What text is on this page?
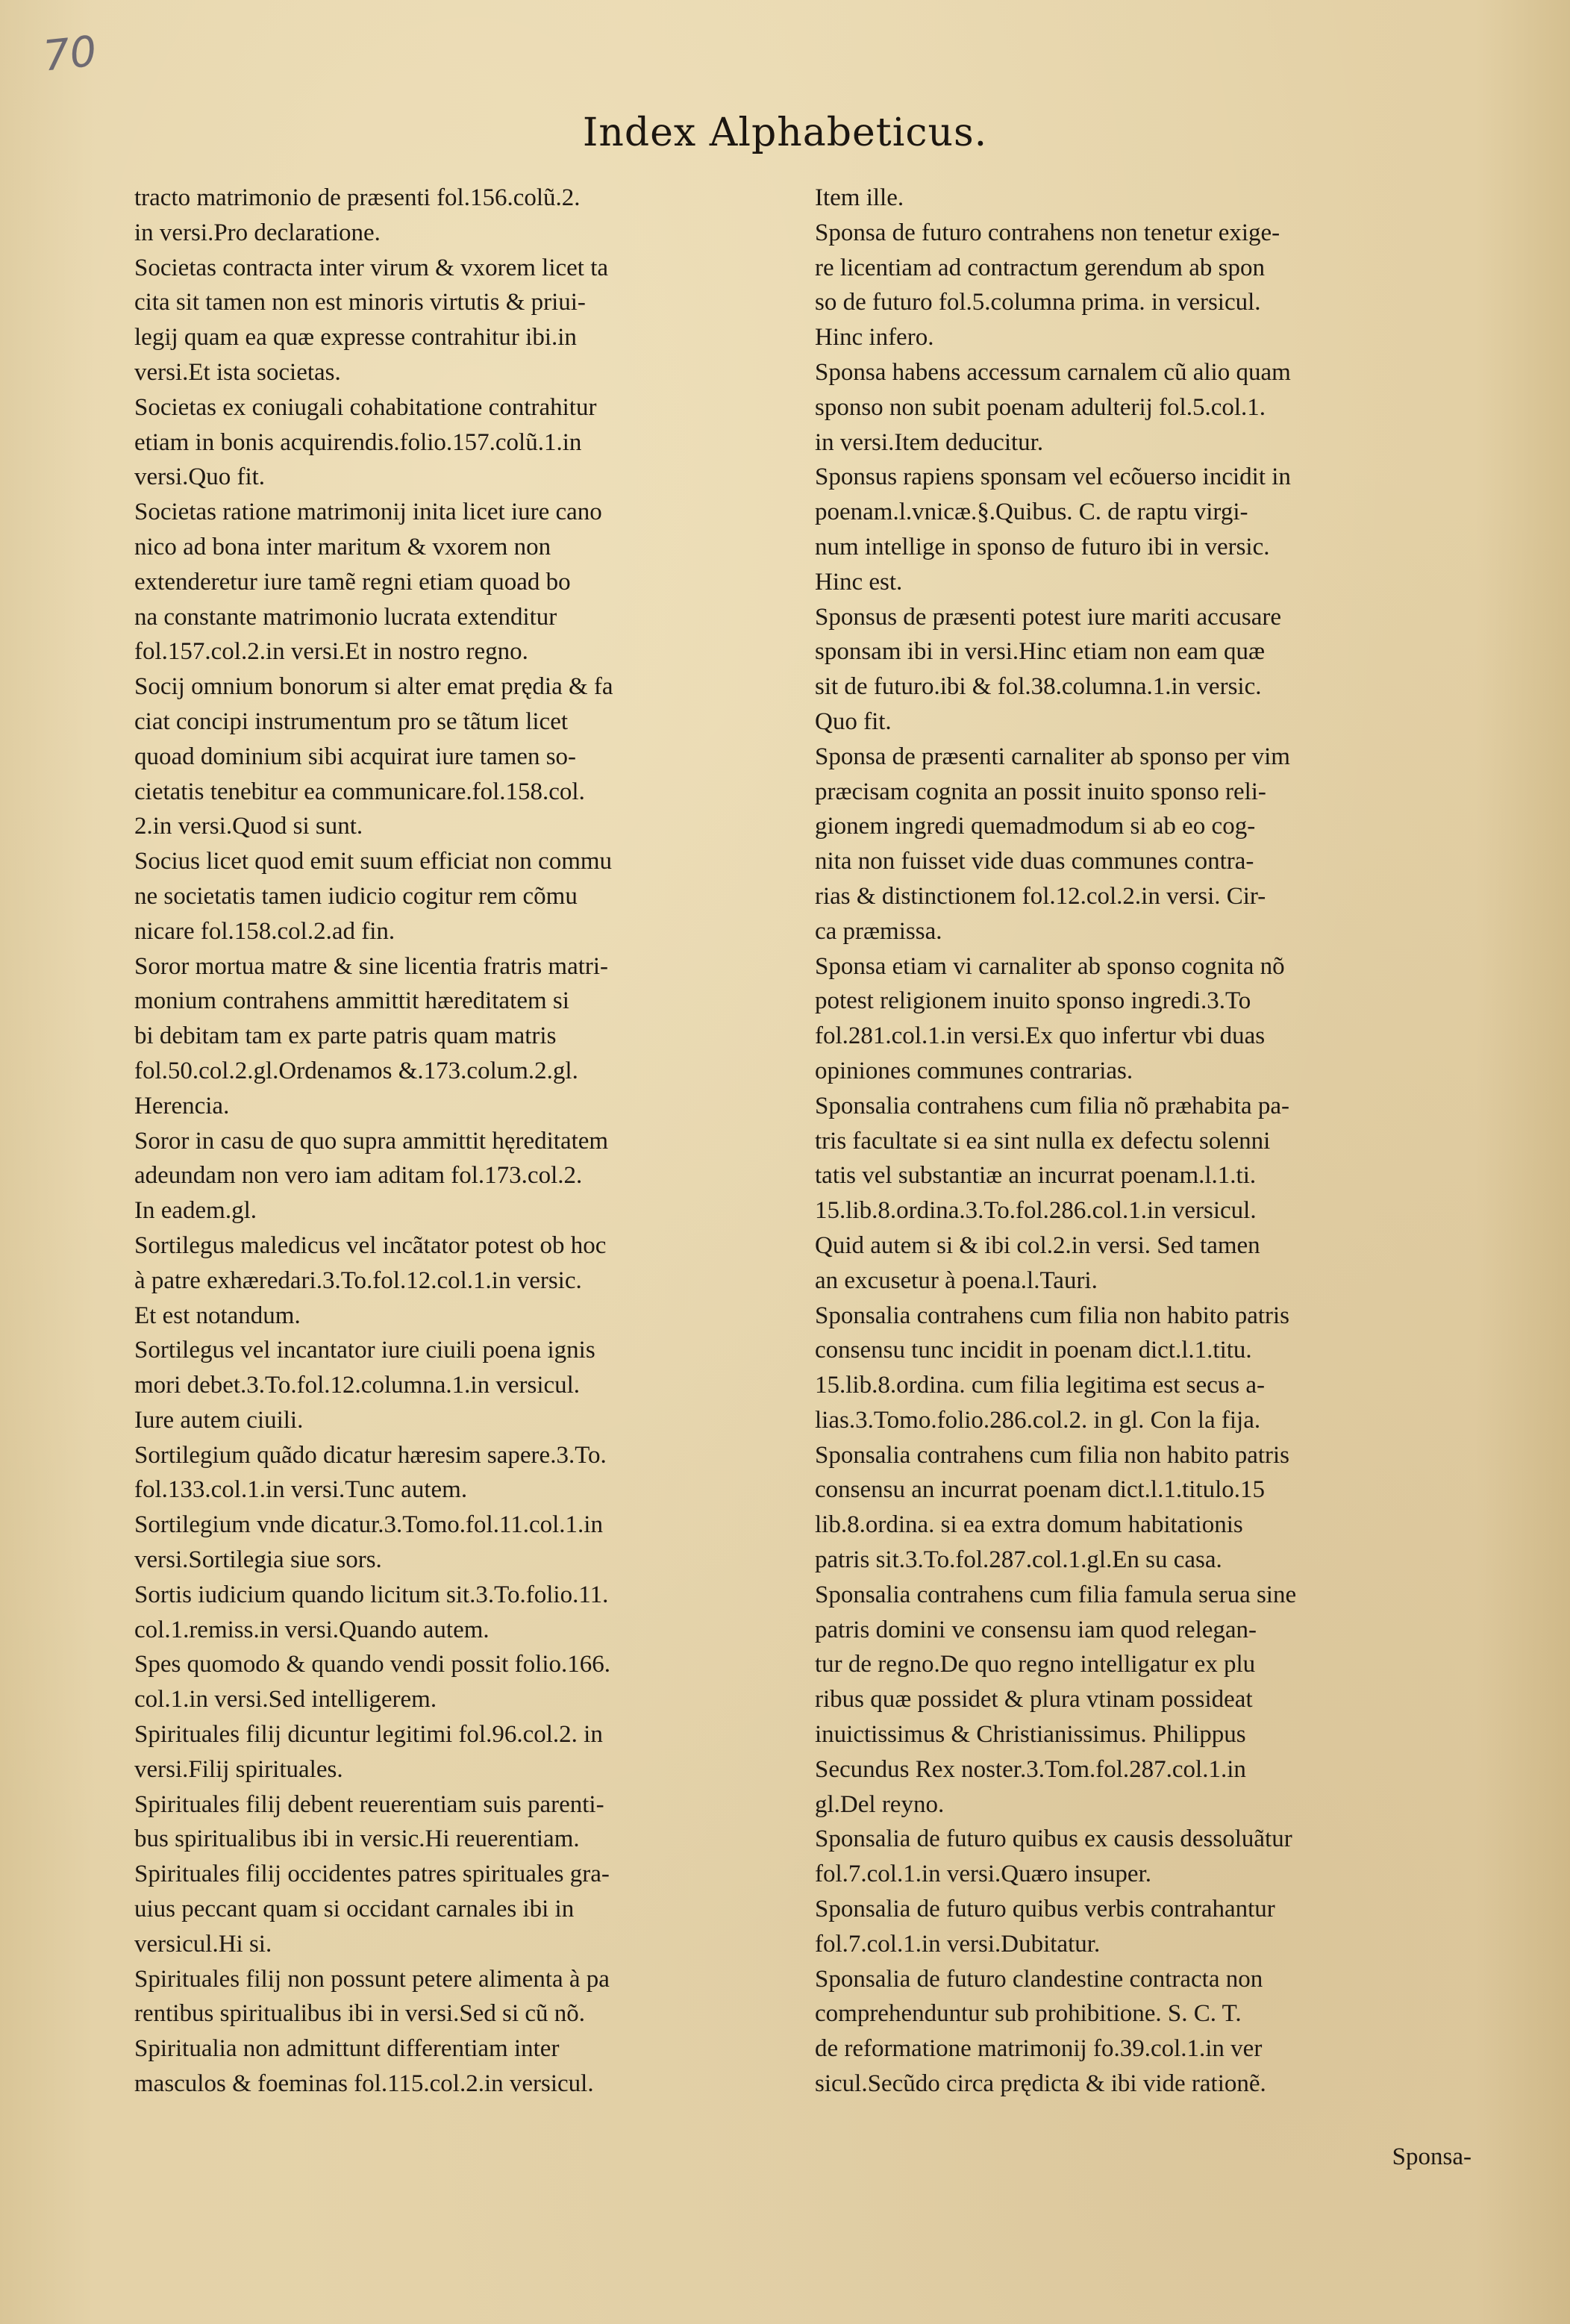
70
Index Alphabeticus.
tracto matrimonio de præsenti fol.156.colũ.2.
in versi.Pro declaratione.
Societas contracta inter virum & vxorem licet ta
cita sit tamen non est minoris virtutis & priui-
legij quam ea quæ expresse contrahitur ibi.in
versi.Et ista societas.
Societas ex coniugali cohabitatione contrahitur
etiam in bonis acquirendis.folio.157.colũ.1.in
versi.Quo fit.
Societas ratione matrimonij inita licet iure cano
nico ad bona inter maritum & vxorem non
extenderetur iure tamẽ regni etiam quoad bo
na constante matrimonio lucrata extenditur
fol.157.col.2.in versi.Et in nostro regno.
Socij omnium bonorum si alter emat prędia & fa
ciat concipi instrumentum pro se tãtum licet
quoad dominium sibi acquirat iure tamen so-
cietatis tenebitur ea communicare.fol.158.col.
2.in versi.Quod si sunt.
Socius licet quod emit suum efficiat non commu
ne societatis tamen iudicio cogitur rem cõmu
nicare fol.158.col.2.ad fin.
Soror mortua matre & sine licentia fratris matri-
monium contrahens ammittit hæreditatem si
bi debitam tam ex parte patris quam matris
fol.50.col.2.gl.Ordenamos &.173.colum.2.gl.
Herencia.
Soror in casu de quo supra ammittit hęreditatem
adeundam non vero iam aditam fol.173.col.2.
In eadem.gl.
Sortilegus maledicus vel incãtator potest ob hoc
à patre exhæredari.3.To.fol.12.col.1.in versic.
Et est notandum.
Sortilegus vel incantator iure ciuili poena ignis
mori debet.3.To.fol.12.columna.1.in versicul.
Iure autem ciuili.
Sortilegium quãdo dicatur hæresim sapere.3.To.
fol.133.col.1.in versi.Tunc autem.
Sortilegium vnde dicatur.3.Tomo.fol.11.col.1.in
versi.Sortilegia siue sors.
Sortis iudicium quando licitum sit.3.To.folio.11.
col.1.remiss.in versi.Quando autem.
Spes quomodo & quando vendi possit folio.166.
col.1.in versi.Sed intelligerem.
Spirituales filij dicuntur legitimi fol.96.col.2. in
versi.Filij spirituales.
Spirituales filij debent reuerentiam suis parenti-
bus spiritualibus ibi in versic.Hi reuerentiam.
Spirituales filij occidentes patres spirituales gra-
uius peccant quam si occidant carnales ibi in
versicul.Hi si.
Spirituales filij non possunt petere alimenta à pa
rentibus spiritualibus ibi in versi.Sed si cũ nõ.
Spiritualia non admittunt differentiam inter
masculos & foeminas fol.115.col.2.in versicul.
Item ille.
Sponsa de futuro contrahens non tenetur exige-
re licentiam ad contractum gerendum ab spon
so de futuro fol.5.columna prima. in versicul.
Hinc infero.
Sponsa habens accessum carnalem cũ alio quam
sponso non subit poenam adulterij fol.5.col.1.
in versi.Item deducitur.
Sponsus rapiens sponsam vel ecõuerso incidit in
poenam.l.vnicæ.§.Quibus. C. de raptu virgi-
num intellige in sponso de futuro ibi in versic.
Hinc est.
Sponsus de præsenti potest iure mariti accusare
sponsam ibi in versi.Hinc etiam non eam quæ
sit de futuro.ibi & fol.38.columna.1.in versic.
Quo fit.
Sponsa de præsenti carnaliter ab sponso per vim
præcisam cognita an possit inuito sponso reli-
gionem ingredi quemadmodum si ab eo cog-
nita non fuisset vide duas communes contra-
rias & distinctionem fol.12.col.2.in versi. Cir-
ca præmissa.
Sponsa etiam vi carnaliter ab sponso cognita nõ
potest religionem inuito sponso ingredi.3.To
fol.281.col.1.in versi.Ex quo infertur vbi duas
opiniones communes contrarias.
Sponsalia contrahens cum filia nõ præhabita pa-
tris facultate si ea sint nulla ex defectu solenni
tatis vel substantiæ an incurrat poenam.l.1.ti.
15.lib.8.ordina.3.To.fol.286.col.1.in versicul.
Quid autem si & ibi col.2.in versi. Sed tamen
an excusetur à poena.l.Tauri.
Sponsalia contrahens cum filia non habito patris
consensu tunc incidit in poenam dict.l.1.titu.
15.lib.8.ordina. cum filia legitima est secus a-
lias.3.Tomo.folio.286.col.2. in gl. Con la fija.
Sponsalia contrahens cum filia non habito patris
consensu an incurrat poenam dict.l.1.titulo.15
lib.8.ordina. si ea extra domum habitationis
patris sit.3.To.fol.287.col.1.gl.En su casa.
Sponsalia contrahens cum filia famula serua sine
patris domini ve consensu iam quod relegan-
tur de regno.De quo regno intelligatur ex plu
ribus quæ possidet & plura vtinam possideat
inuictissimus & Christianissimus. Philippus
Secundus Rex noster.3.Tom.fol.287.col.1.in
gl.Del reyno.
Sponsalia de futuro quibus ex causis dessoluãtur
fol.7.col.1.in versi.Quæro insuper.
Sponsalia de futuro quibus verbis contrahantur
fol.7.col.1.in versi.Dubitatur.
Sponsalia de futuro clandestine contracta non
comprehenduntur sub prohibitione. S. C. T.
de reformatione matrimonij fo.39.col.1.in ver
sicul.Secũdo circa prędicta & ibi vide rationẽ.
Sponsa-
